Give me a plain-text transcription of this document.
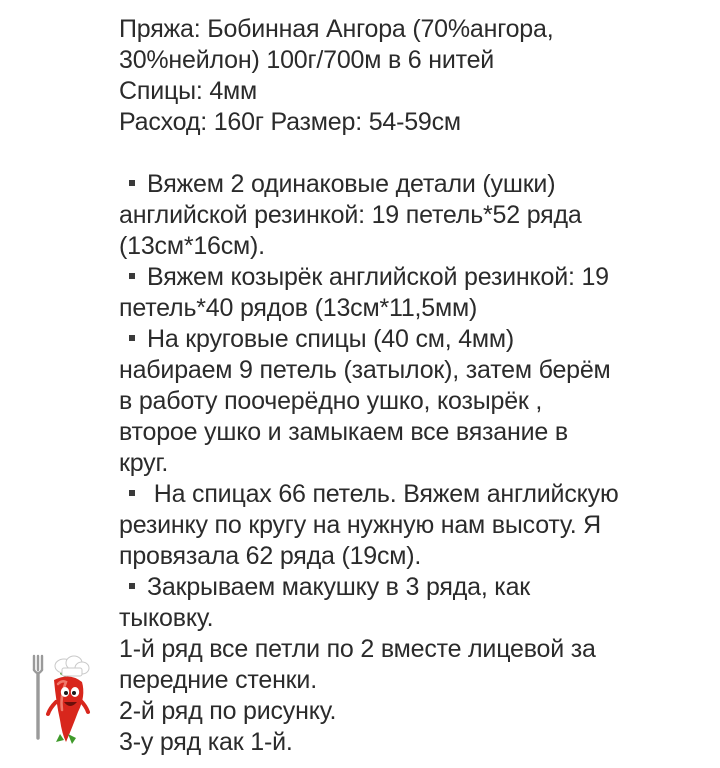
Пряжа: Бобинная Ангора (70%ангора,

30%нейлон) 100г/700м в 6 нитей

Спицы: 4мм

Расход: 160г Размер: 54-59см

Вяжем 2 одинаковые детали (ушки)

английской резинкой: 19 петель*52 ряда

(13см*16см).

Вяжем козырёк английской резинкой: 19

петель*40 рядов (13см*11,5мм)

На круговые спицы (40 см, 4мм)

набираем 9 петель (затылок), затем берём

в работу поочерёдно ушко, козырёк ,

второе ушко и замыкаем все вязание в

круг.

На спицах 66 петель. Вяжем английскую

резинку по кругу на нужную нам высоту. Я

провязала 62 ряда (19см).

Закрываем макушку в 3 ряда, как

тыковку.

1-й ряд все петли по 2 вместе лицевой за

передние стенки.

2-й ряд по рисунку.

3-у ряд как 1-й.
